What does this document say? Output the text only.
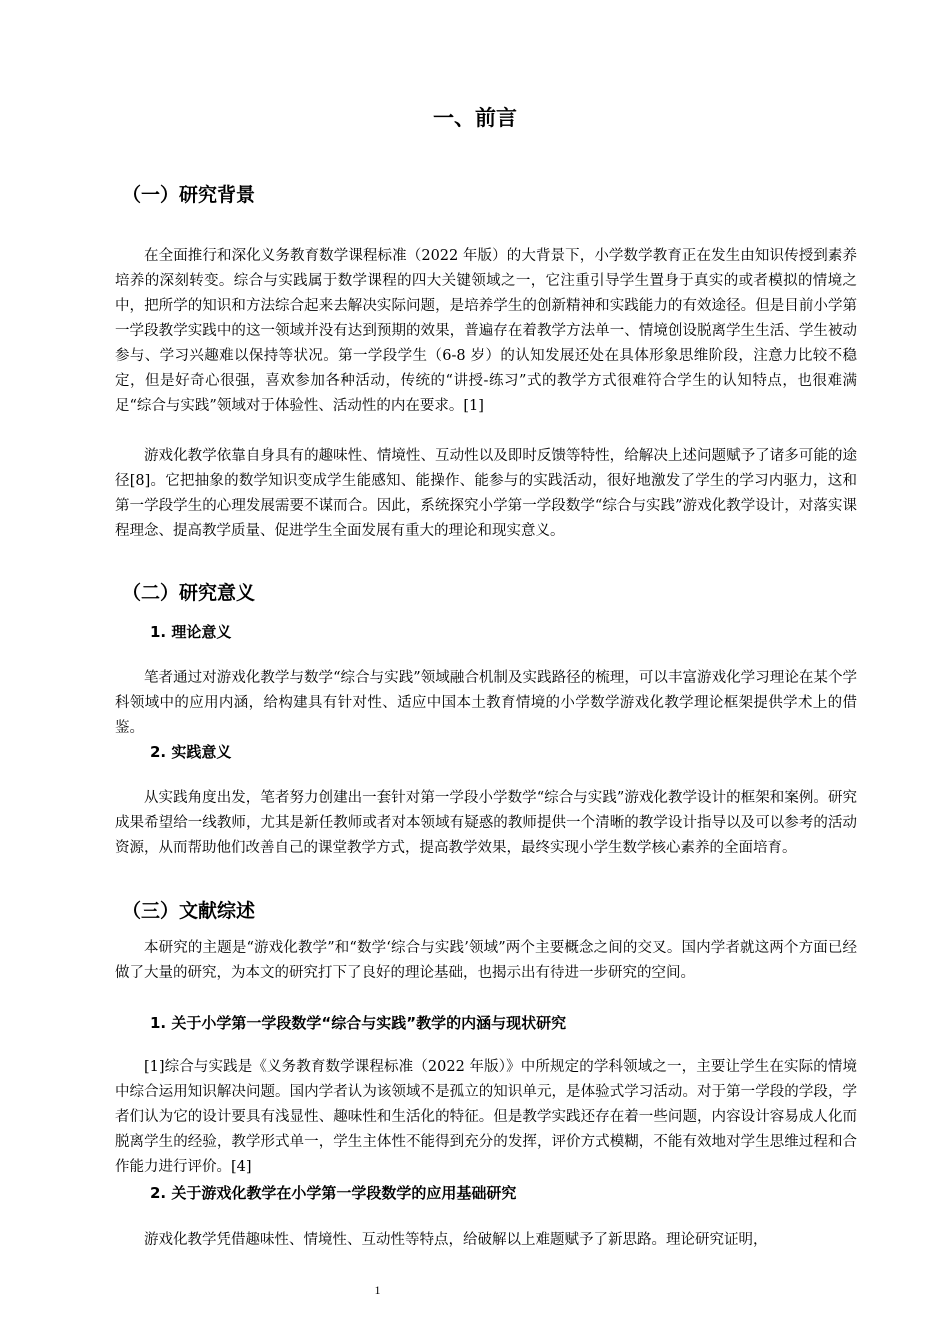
一、前言
（一）研究背景

在全面推行和深化义务教育数学课程标准（2022 年版）的大背景下，小学数学教育正在发生由知识传授到素养培养的深刻转变。综合与实践属于数学课程的四大关键领域之一，它注重引导学生置身于真实的或者模拟的情境之中，把所学的知识和方法综合起来去解决实际问题，是培养学生的创新精神和实践能力的有效途径。但是目前小学第一学段教学实践中的这一领域并没有达到预期的效果，普遍存在着教学方法单一、情境创设脱离学生生活、学生被动参与、学习兴趣难以保持等状况。第一学段学生（6-8 岁）的认知发展还处在具体形象思维阶段，注意力比较不稳定，但是好奇心很强，喜欢参加各种活动，传统的“讲授-练习”式的教学方式很难符合学生的认知特点，也很难满足“综合与实践”领域对于体验性、活动性的内在要求。[1]

游戏化教学依靠自身具有的趣味性、情境性、互动性以及即时反馈等特性，给解决上述问题赋予了诸多可能的途径[8]。它把抽象的数学知识变成学生能感知、能操作、能参与的实践活动，很好地激发了学生的学习内驱力，这和第一学段学生的心理发展需要不谋而合。因此，系统探究小学第一学段数学“综合与实践”游戏化教学设计，对落实课程理念、提高教学质量、促进学生全面发展有重大的理论和现实意义。

（二）研究意义
1. 理论意义

笔者通过对游戏化教学与数学“综合与实践”领域融合机制及实践路径的梳理，可以丰富游戏化学习理论在某个学科领域中的应用内涵，给构建具有针对性、适应中国本土教育情境的小学数学游戏化教学理论框架提供学术上的借鉴。

2. 实践意义

从实践角度出发，笔者努力创建出一套针对第一学段小学数学“综合与实践”游戏化教学设计的框架和案例。研究成果希望给一线教师，尤其是新任教师或者对本领域有疑惑的教师提供一个清晰的教学设计指导以及可以参考的活动资源，从而帮助他们改善自己的课堂教学方式，提高教学效果，最终实现小学生数学核心素养的全面培育。

（三）文献综述

本研究的主题是“游戏化教学”和“数学‘综合与实践’领域”两个主要概念之间的交叉。国内学者就这两个方面已经做了大量的研究，为本文的研究打下了良好的理论基础，也揭示出有待进一步研究的空间。

1. 关于小学第一学段数学“综合与实践”教学的内涵与现状研究

[1]综合与实践是《义务教育数学课程标准（2022 年版）》中所规定的学科领域之一，主要让学生在实际的情境中综合运用知识解决问题。国内学者认为该领域不是孤立的知识单元，是体验式学习活动。对于第一学段的学段，学者们认为它的设计要具有浅显性、趣味性和生活化的特征。但是教学实践还存在着一些问题，内容设计容易成人化而脱离学生的经验，教学形式单一，学生主体性不能得到充分的发挥，评价方式模糊，不能有效地对学生思维过程和合作能力进行评价。[4]

2. 关于游戏化教学在小学第一学段数学的应用基础研究

游戏化教学凭借趣味性、情境性、互动性等特点，给破解以上难题赋予了新思路。理论研究证明，

1
